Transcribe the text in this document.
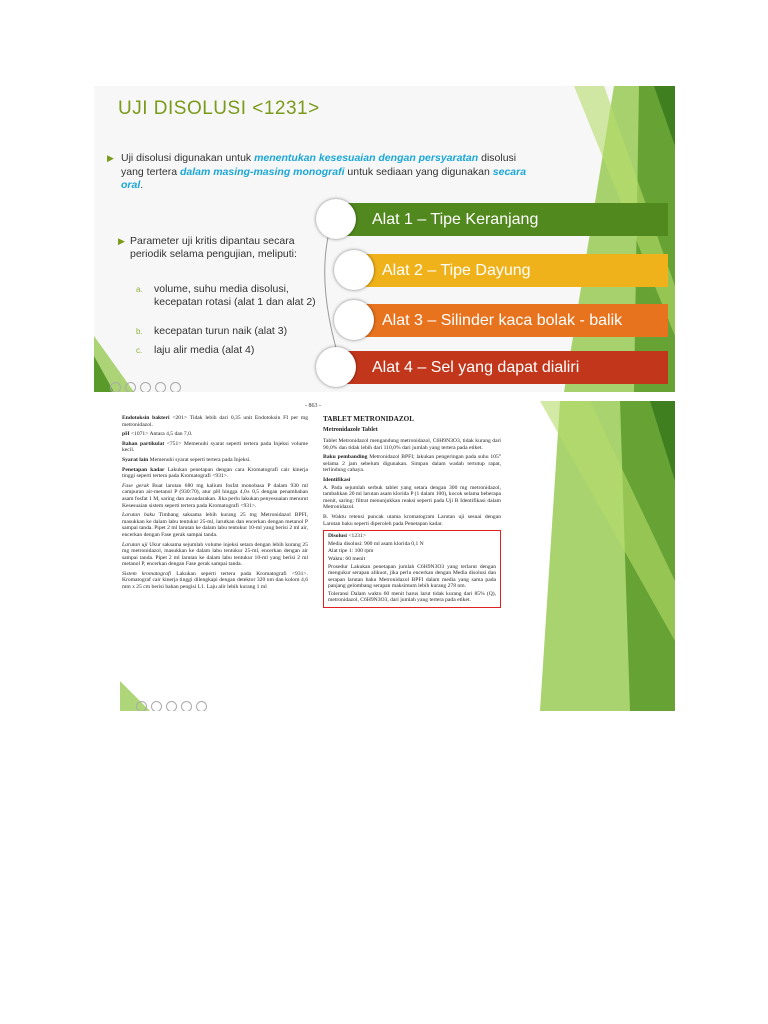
UJI DISOLUSI <1231>
▶ Uji disolusi digunakan untuk menentukan kesesuaian dengan persyaratan disolusi yang tertera dalam masing-masing monografi untuk sediaan yang digunakan secara oral.
▶ Parameter uji kritis dipantau secara periodik selama pengujian, meliputi:
a. volume, suhu media disolusi, kecepatan rotasi (alat 1 dan alat 2)
b. kecepatan turun naik (alat 3)
c. laju alir media (alat 4)
Alat 1 – Tipe Keranjang
Alat 2 – Tipe Dayung
Alat 3 – Silinder kaca bolak - balik
Alat 4 – Sel yang dapat dialiri
- 863 -

Endotoksin bakteri <201> Tidak lebih dari 0,35 unit Endotoksin FI per mg metronidazol.

pH <1071> Antara 4,5 dan 7,0.

Bahan partikulat <751> Memenuhi syarat seperti tertera pada Injeksi volume kecil.

Syarat lain Memenuhi syarat seperti tertera pada Injeksi.

Penetapan kadar Lakukan penetapan dengan cara Kromatografi cair kinerja tinggi seperti tertera pada Kromatografi <931>.

Fase gerak Buat larutan 680 mg kalium fosfat monobasa P dalam 930 ml campuran air-metanol P (930:70), atur pH hingga 4,0± 0,5 dengan penambahan asam fosfat 1 M, saring dan awaudarakan. Jika perlu lakukan penyesuaian menurut Kesesuaian sistem seperti tertera pada Kromatografi <931>.

Larutan baku Timbang saksama lebih kurang 25 mg Metronidazol BPFI, masukkan ke dalam labu tentukur 25-ml, larutkan dan encerkan dengan metanol P sampai tanda. Pipet 2 ml larutan ke dalam labu tentukur 10-ml yang berisi 2 ml air, encerkan dengan Fase gerak sampai tanda.

Larutan uji Ukur saksama sejumlah volume injeksi setara dengan lebih kurang 25 mg metronidazol, masukkan ke dalam labu tentukur 25-ml, encerkan dengan air sampai tanda. Pipet 2 ml larutan ke dalam labu tentukur 10-ml yang berisi 2 ml metanol P, encerkan dengan Fase gerak sampai tanda.

Sistem kromatografi Lakukan seperti tertera pada Kromatografi <931>. Kromatograf cair kinerja tinggi dilengkapi dengan detektor 320 nm dan kolom 4,6 mm x 25 cm berisi bahan pengisi L1. Laju alir lebih kurang 1 ml

TABLET METRONIDAZOL

Metronidazole Tablet

Tablet Metronidazol mengandung metronidazol, C6H9N3O3, tidak kurang dari 90,0% dan tidak lebih dari 110,0% dari jumlah yang tertera pada etiket.

Baku pembanding Metronidazol BPFI; lakukan pengeringan pada suhu 105° selama 2 jam sebelum digunakan. Simpan dalam wadah tertutup rapat, terlindung cahaya.

Identifikasi

A. Pada sejumlah serbuk tablet yang setara dengan 300 mg metronidazol, tambahkan 20 ml larutan asam klorida P (1 dalam 100), kocok selama beberapa menit, saring: filtrat menunjukkan reaksi seperti pada Uji B Identifikasi dalam Metronidazol.

B. Waktu retensi puncak utama kromatogram Larutan uji sesuai dengan Larutan baku seperti diperoleh pada Penetapan kadar.

Disolusi <1231>

Media disolusi: 900 ml asam klorida 0,1 N

Alat tipe 1: 100 rpm

Waktu: 60 menit

Prosedur Lakukan penetapan jumlah C6H9N3O3 yang terlarut dengan mengukur serapan alikuot, jika perlu encerkan dengan Media disolusi dan serapan larutan baku Metronidazol BPFI dalam media yang sama pada panjang gelombang serapan maksimum lebih kurang 278 nm.

Toleransi Dalam waktu 60 menit harus larut tidak kurang dari 85% (Q), metronidazol, C6H9N3O3, dari jumlah yang tertera pada etiket.
